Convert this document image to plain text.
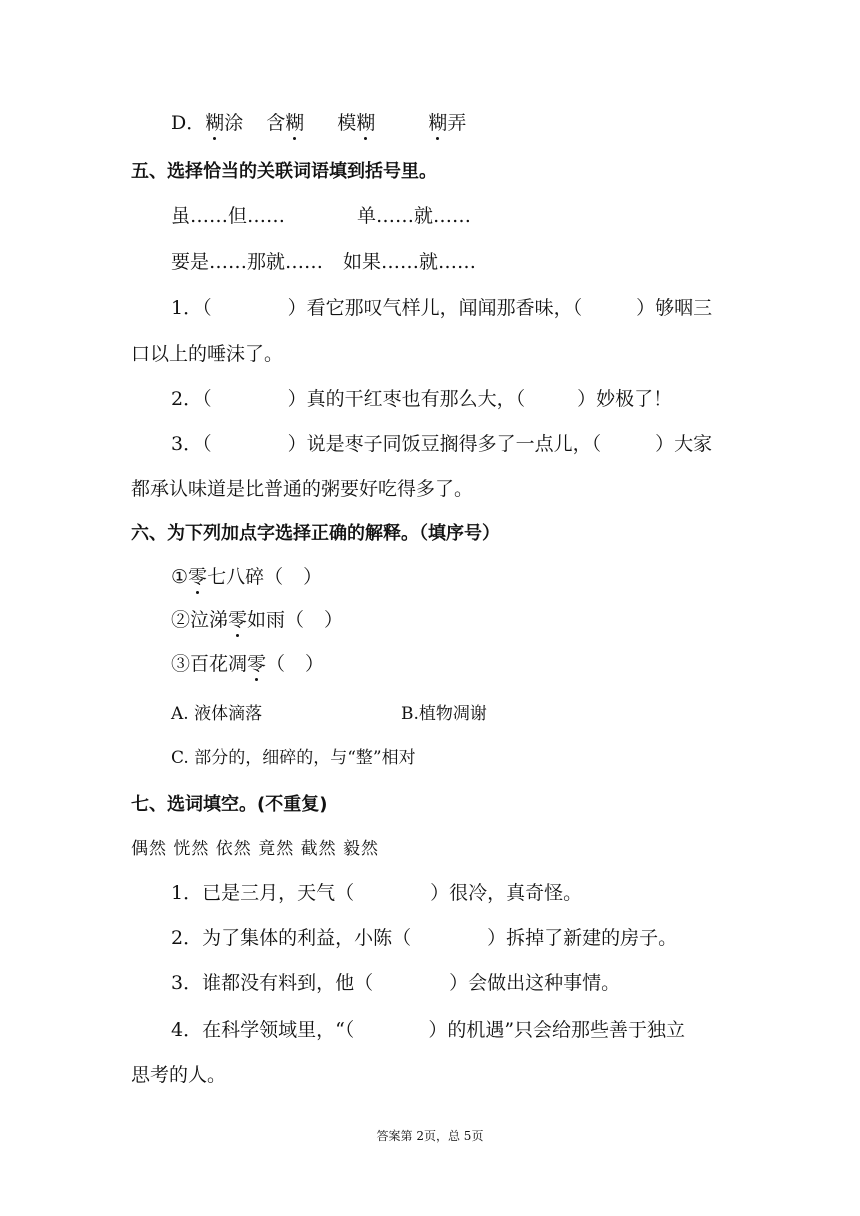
D．糊涂 含糊 模糊	糊弄
五、选择恰当的关联词语填到括号里。
虽……但……	单……就……
要是……那就…… 如果……就……
1．（	）看它那叹气样儿，闻闻那香味，（	）够咽三
口以上的唾沫了。
2．（	）真的干红枣也有那么大，（	）妙极了！
3．（	）说是枣子同饭豆搁得多了一点儿，（	）大家
都承认味道是比普通的粥要好吃得多了。
六、为下列加点字选择正确的解释。（填序号）
①零七八碎（ ）
②泣涕零如雨（ ）
③百花凋零（ ）
A. 液体滴落	B.植物凋谢
C. 部分的，细碎的，与“整”相对
七、选词填空。(不重复)
偶然 恍然 依然 竟然 截然 毅然
1．已是三月，天气（	）很冷，真奇怪。
2．为了集体的利益，小陈（	）拆掉了新建的房子。
3．谁都没有料到，他（	）会做出这种事情。
4．在科学领域里，“（	）的机遇”只会给那些善于独立
思考的人。
答案第 2页，总 5页
